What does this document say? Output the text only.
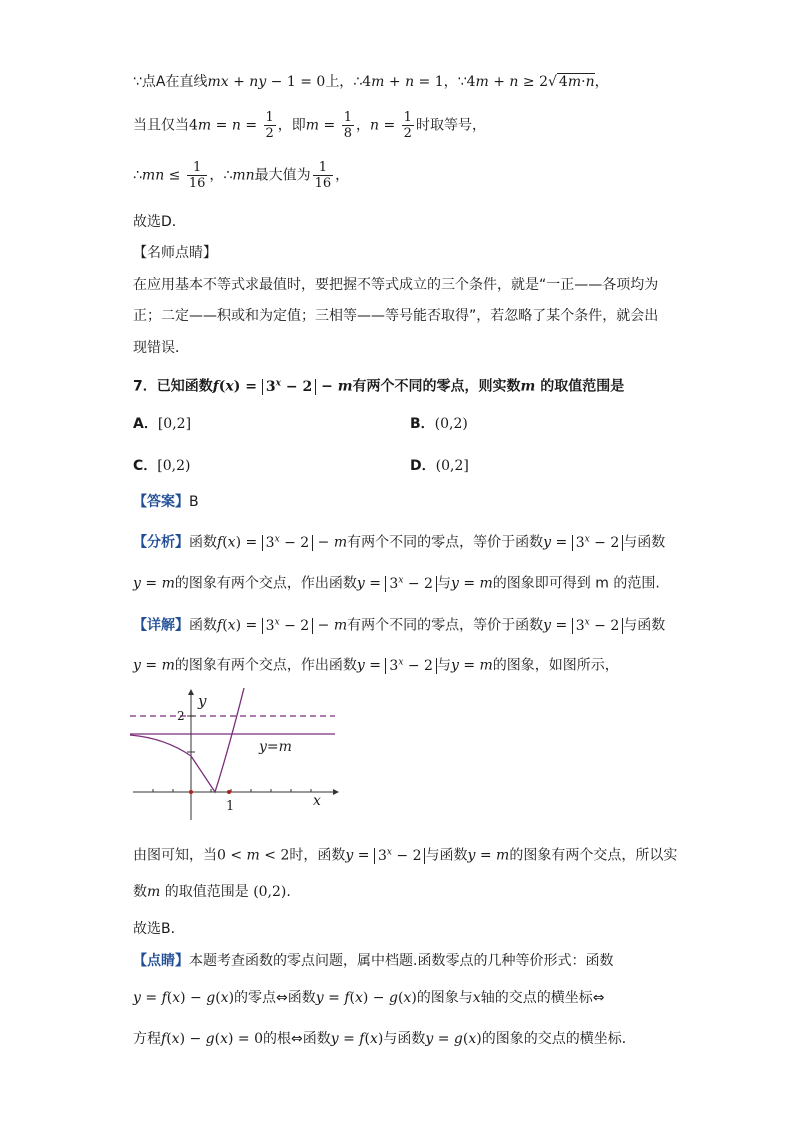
∵点A在直线mx + ny − 1 = 0上，∴4m + n = 1，∵4m + n ≥ 2√ 4m·n，
当且仅当$4m = n = \frac{1}{2}$ ，即$m = \frac{1}{8}$ ，$n = \frac{1}{2}$ 时取等号，
∴mn ≤ $\frac{1}{16}$ ，∴mn最大值为 $\frac{1}{16}$ ，
故选D．
【名师点睛】
在应用基本不等式求最值时，要把握不等式成立的三个条件，就是“一正——各项均为
正；二定——积或和为定值；三相等——等号能否取得”，若忽略了某个条件，就会出
现错误．
7．已知函数$f(x) = 3^x - 2 - m$有两个不同的零点，则实数m 的取值范围是
A．[0,2]	B．(0,2)
C．[0,2)	D．(0,2]
【答案】B
【分析】函数$f(x) = 3^x - 2 - m$有两个不同的零点，等价于函数$y = 3^x - 2$ 与函数
y = m的图象有两个交点，作出函数$y = 3^x - 2$ 与y = m的图象即可得到 m 的范围.
【详解】函数$f(x) = 3^x - 2 - m$有两个不同的零点，等价于函数$y = 3^x - 2$ 与函数
y = m的图象有两个交点，作出函数$y = 3^x - 2$ 与y = m的图象，如图所示，
y
2
y=m
1	x
由图可知，当0 < m < 2时，函数$y = 3^x - 2$ 与函数y = m的图象有两个交点，所以实
数m 的取值范围是 (0,2).
故选B．
【点睛】本题考查函数的零点问题，属中档题.函数零点的几种等价形式：函数
y = f(x) − g(x)的零点⇔函数y = f(x) − g(x)的图象与x轴的交点的横坐标⇔
方程f(x) − g(x) = 0的根⇔函数y = f(x)与函数y = g(x)的图象的交点的横坐标．
